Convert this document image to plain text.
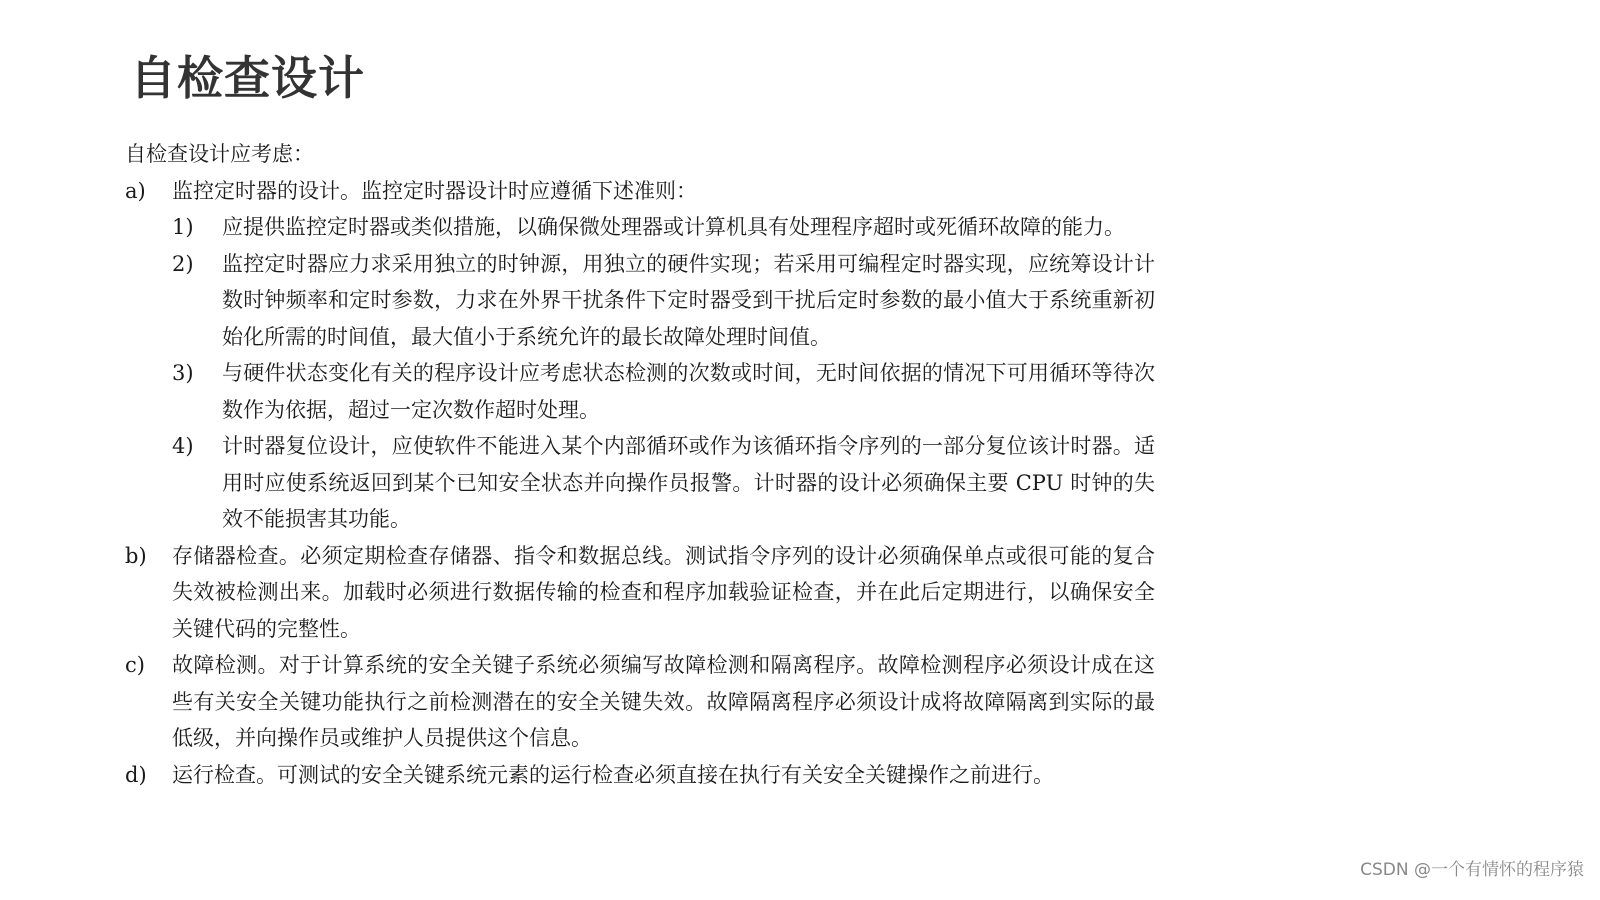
自检查设计

自检查设计应考虑：

a)	监控定时器的设计。监控定时器设计时应遵循下述准则：
1)	应提供监控定时器或类似措施，以确保微处理器或计算机具有处理程序超时或死循环故障的能力。
2)	监控定时器应力求采用独立的时钟源，用独立的硬件实现；若采用可编程定时器实现，应统筹设计计数时钟频率和定时参数，力求在外界干扰条件下定时器受到干扰后定时参数的最小值大于系统重新初始化所需的时间值，最大值小于系统允许的最长故障处理时间值。
3)	与硬件状态变化有关的程序设计应考虑状态检测的次数或时间，无时间依据的情况下可用循环等待次数作为依据，超过一定次数作超时处理。
4)	计时器复位设计，应使软件不能进入某个内部循环或作为该循环指令序列的一部分复位该计时器。适用时应使系统返回到某个已知安全状态并向操作员报警。计时器的设计必须确保主要 CPU 时钟的失效不能损害其功能。
b)	存储器检查。必须定期检查存储器、指令和数据总线。测试指令序列的设计必须确保单点或很可能的复合失效被检测出来。加载时必须进行数据传输的检查和程序加载验证检查，并在此后定期进行，以确保安全关键代码的完整性。
c)	故障检测。对于计算系统的安全关键子系统必须编写故障检测和隔离程序。故障检测程序必须设计成在这些有关安全关键功能执行之前检测潜在的安全关键失效。故障隔离程序必须设计成将故障隔离到实际的最低级，并向操作员或维护人员提供这个信息。
d)	运行检查。可测试的安全关键系统元素的运行检查必须直接在执行有关安全关键操作之前进行。
CSDN @一个有情怀的程序猿
